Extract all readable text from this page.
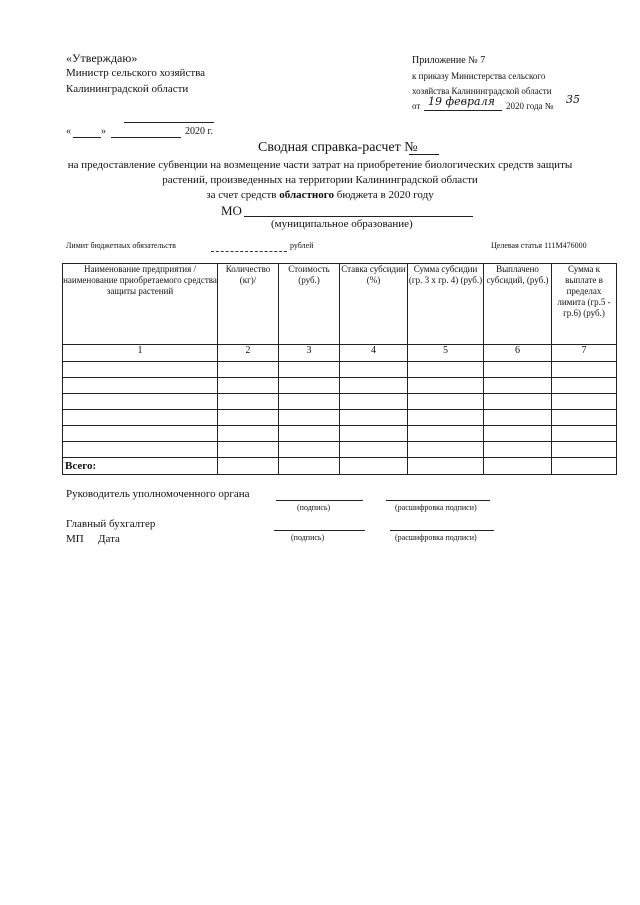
«Утверждаю»
Министр сельского хозяйства
Калининградской области
«	»	2020 г.
Приложение № 7
к приказу Министерства сельского
хозяйства Калининградской области
от 19 февраля 2020 года № 35
Сводная справка-расчет №
на предоставление субвенции на возмещение части затрат на приобретение биологических средств защиты
растений, произведенных на территории Калининградской области
за счет средств областного бюджета в 2020 году
МО
(муниципальное образование)
Лимит бюджетных обязательств	рублей	Целевая статья 111M476000
Наименование предприятия / наименование приобретаемого средства защиты растений	Количество (кг)/	Стоимость (руб.)	Ставка субсидии (%)	Сумма субсидии (гр. 3 х гр. 4) (руб.)	Выплачено субсидий, (руб.)	Сумма к выплате в пределах лимита (гр.5 - гр.6) (руб.)
1	2	3	4	5	6	7

Всего:						
Руководитель уполномоченного органа
(подпись)	(расшифровка подписи)
Главный бухгалтер
(подпись)	(расшифровка подписи)
МП Дата
